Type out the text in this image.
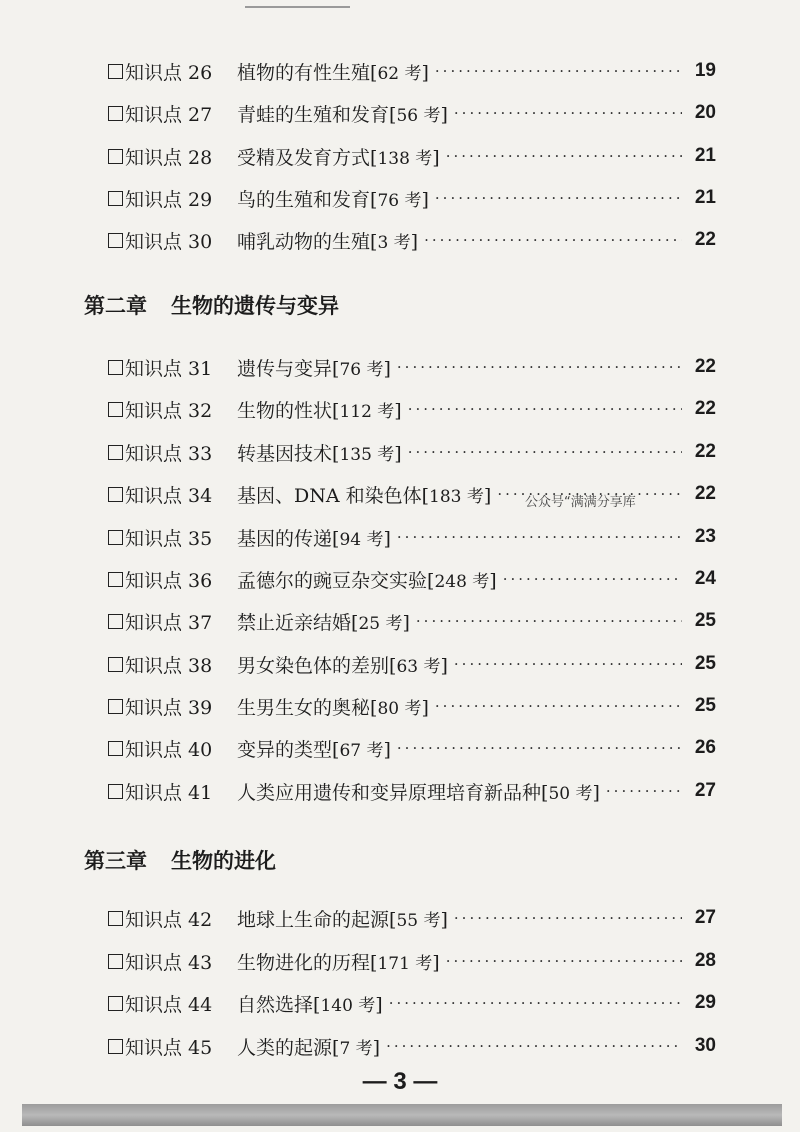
知识点 26	植物的有性生殖 [62 考] ·····	19
知识点 27	青蛙的生殖和发育 [56 考] ·····	20
知识点 28	受精及发育方式 [138 考] ·····	21
知识点 29	鸟的生殖和发育 [76 考] ·····	21
知识点 30	哺乳动物的生殖 [3 考] ·····	22
第二章 生物的遗传与变异
知识点 31	遗传与变异 [76 考] ·····	22
知识点 32	生物的性状 [112 考] ·····	22
知识点 33	转基因技术 [135 考] ·····	22
知识点 34	基因、DNA 和染色体 [183 考] ·····	22
知识点 35	基因的传递 [94 考] ·····	23
知识点 36	孟德尔的豌豆杂交实验 [248 考] ·····	24
知识点 37	禁止近亲结婚 [25 考] ·····	25
知识点 38	男女染色体的差别 [63 考] ·····	25
知识点 39	生男生女的奥秘 [80 考] ·····	25
知识点 40	变异的类型 [67 考] ·····	26
知识点 41	人类应用遗传和变异原理培育新品种 [50 考] ·····	27
第三章 生物的进化
知识点 42	地球上生命的起源 [55 考] ·····	27
知识点 43	生物进化的历程 [171 考] ·····	28
知识点 44	自然选择 [140 考] ·····	29
知识点 45	人类的起源 [7 考] ·····	30
公众号“满满分享库
— 3 —
